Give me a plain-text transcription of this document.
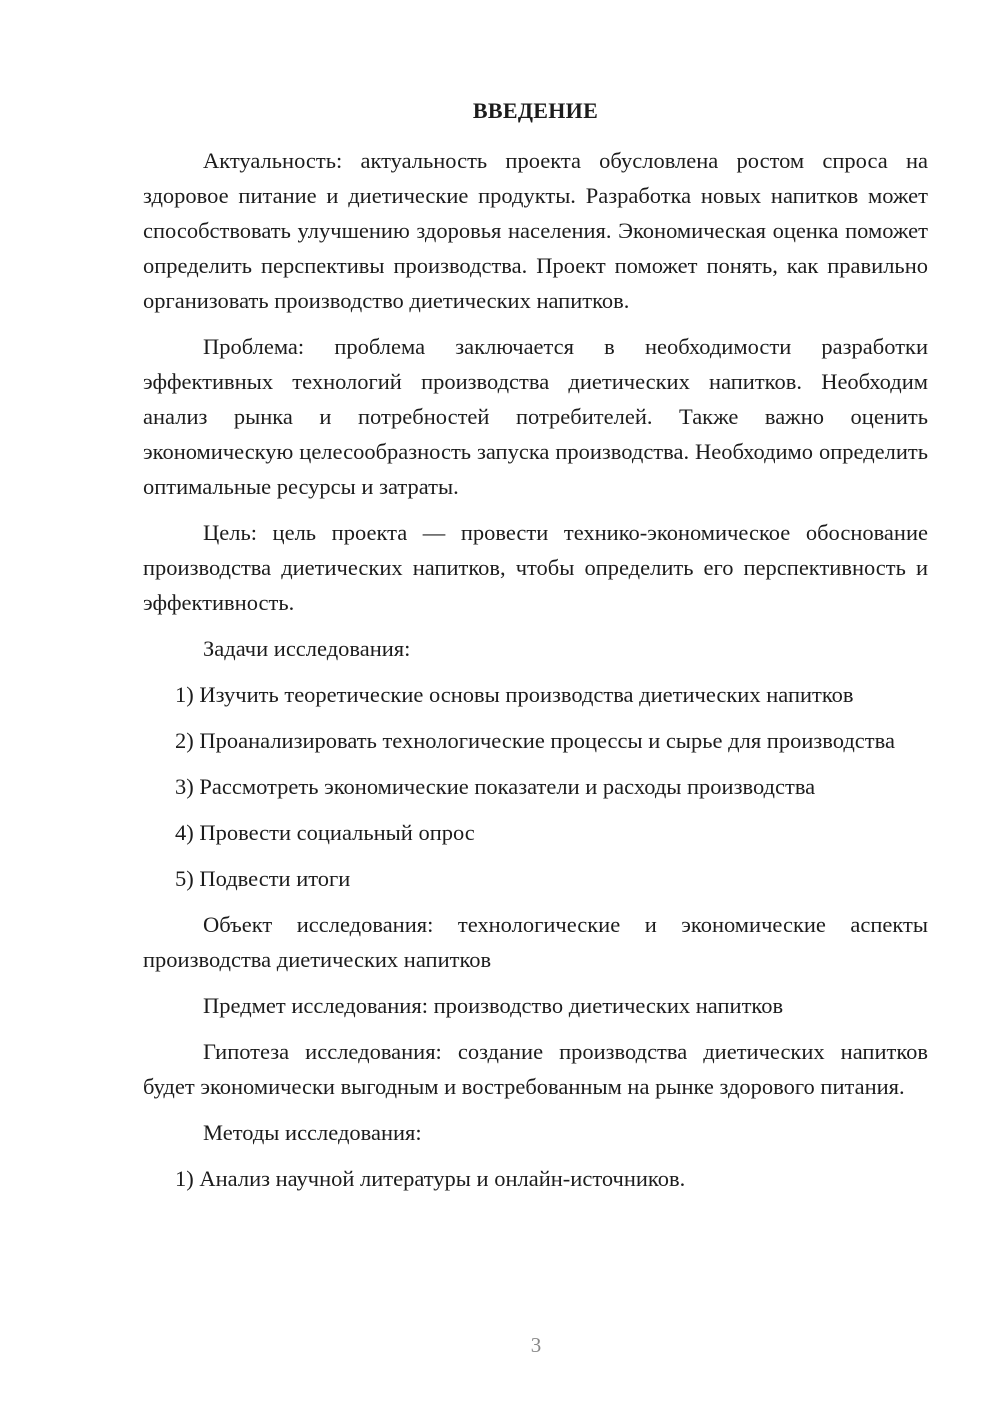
ВВЕДЕНИЕ

Актуальность: актуальность проекта обусловлена ростом спроса на здоровое питание и диетические продукты. Разработка новых напитков может способствовать улучшению здоровья населения. Экономическая оценка поможет определить перспективы производства. Проект поможет понять, как правильно организовать производство диетических напитков.

Проблема: проблема заключается в необходимости разработки эффективных технологий производства диетических напитков. Необходим анализ рынка и потребностей потребителей. Также важно оценить экономическую целесообразность запуска производства. Необходимо определить оптимальные ресурсы и затраты.

Цель: цель проекта — провести технико-экономическое обоснование производства диетических напитков, чтобы определить его перспективность и эффективность.

Задачи исследования:

1) Изучить теоретические основы производства диетических напитков

2) Проанализировать технологические процессы и сырье для производства

3) Рассмотреть экономические показатели и расходы производства

4) Провести социальный опрос

5) Подвести итоги

Объект исследования: технологические и экономические аспекты производства диетических напитков

Предмет исследования: производство диетических напитков

Гипотеза исследования: создание производства диетических напитков будет экономически выгодным и востребованным на рынке здорового питания.

Методы исследования:

1) Анализ научной литературы и онлайн-источников.

3
